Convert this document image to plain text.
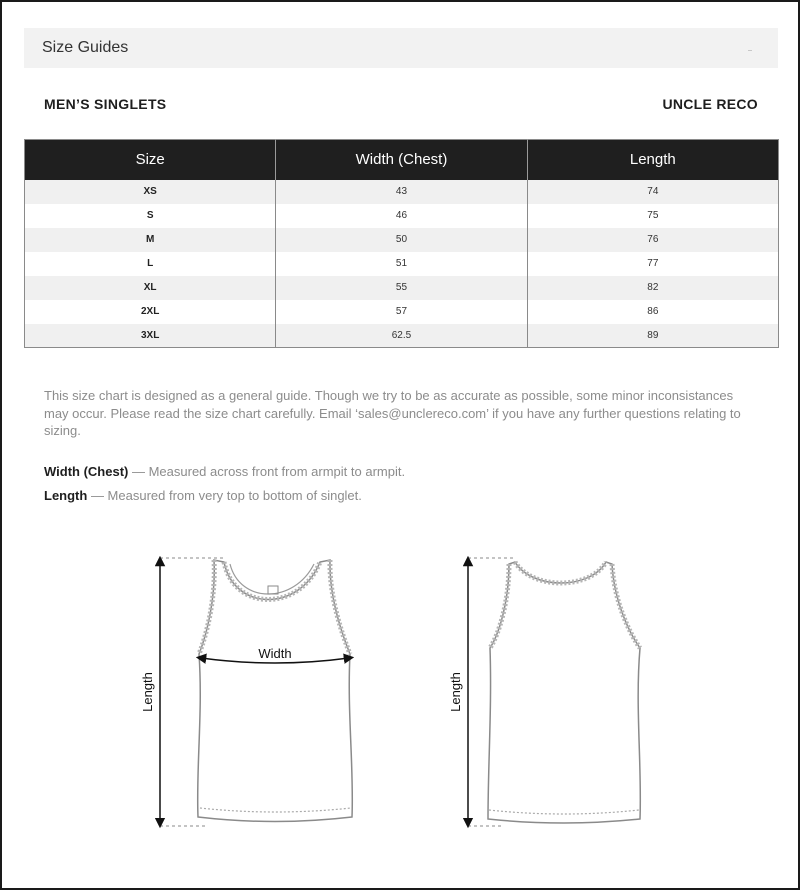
Size Guides
MEN’S SINGLETS	UNCLE RECO
Size	Width (Chest)	Length
XS	43	74
S	46	75
M	50	76
L	51	77
XL	55	82
2XL	57	86
3XL	62.5	89

This size chart is designed as a general guide. Though we try to be as accurate as possible, some minor inconsistances may occur. Please read the size chart carefully. Email ‘sales@unclereco.com’ if you have any further questions relating to sizing.

Width (Chest) — Measured across front from armpit to armpit.
Length — Measured from very top to bottom of singlet.
Width
Length	Length
